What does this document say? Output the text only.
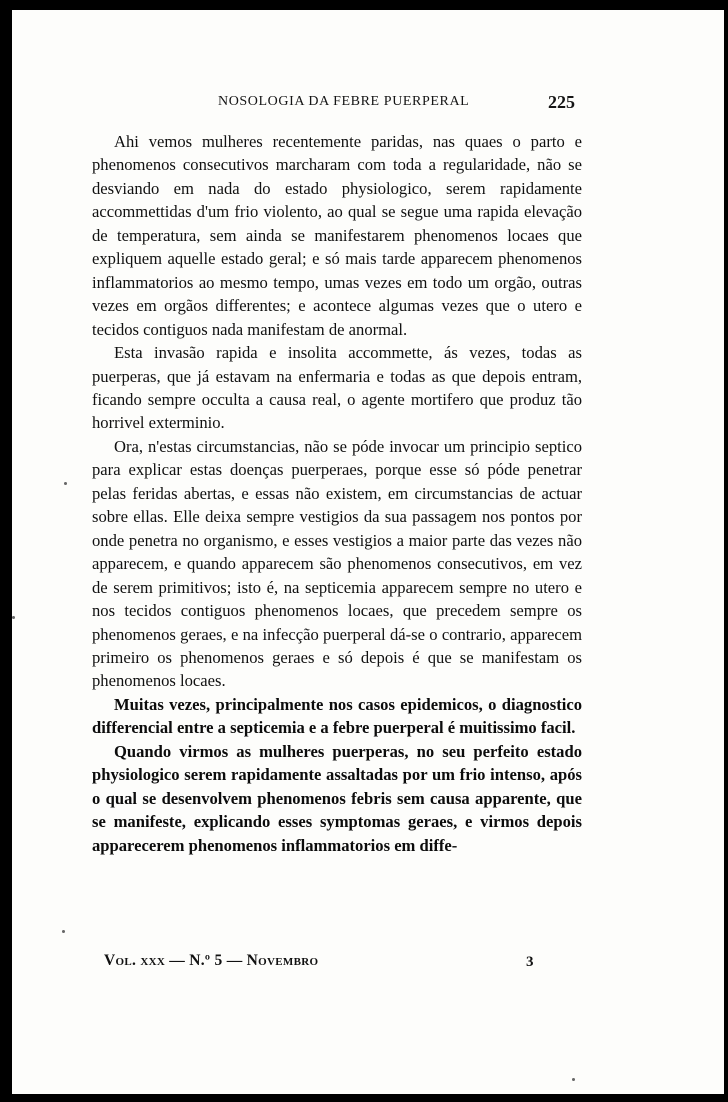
NOSOLOGIA DA FEBRE PUERPERAL	225

Ahi vemos mulheres recentemente paridas, nas quaes o parto e phenomenos consecutivos marcharam com toda a regularidade, não se desviando em nada do estado physiologico, serem rapidamente accommettidas d'um frio violento, ao qual se segue uma rapida elevação de temperatura, sem ainda se manifestarem phenomenos locaes que expliquem aquelle estado geral; e só mais tarde apparecem phenomenos inflammatorios ao mesmo tempo, umas vezes em todo um orgão, outras vezes em orgãos differentes; e acontece algumas vezes que o utero e tecidos contiguos nada manifestam de anormal.

Esta invasão rapida e insolita accommette, ás vezes, todas as puerperas, que já estavam na enfermaria e todas as que depois entram, ficando sempre occulta a causa real, o agente mortifero que produz tão horrivel exterminio.

Ora, n'estas circumstancias, não se póde invocar um principio septico para explicar estas doenças puerperaes, porque esse só póde penetrar pelas feridas abertas, e essas não existem, em circumstancias de actuar sobre ellas. Elle deixa sempre vestigios da sua passagem nos pontos por onde penetra no organismo, e esses vestigios a maior parte das vezes não apparecem, e quando apparecem são phenomenos consecutivos, em vez de serem primitivos; isto é, na septicemia apparecem sempre no utero e nos tecidos contiguos phenomenos locaes, que precedem sempre os phenomenos geraes, e na infecção puerperal dá-se o contrario, apparecem primeiro os phenomenos geraes e só depois é que se manifestam os phenomenos locaes.

Muitas vezes, principalmente nos casos epidemicos, o diagnostico differencial entre a septicemia e a febre puerperal é muitissimo facil.

Quando virmos as mulheres puerperas, no seu perfeito estado physiologico serem rapidamente assaltadas por um frio intenso, após o qual se desenvolvem phenomenos febris sem causa apparente, que se manifeste, explicando esses symptomas geraes, e virmos depois apparecerem phenomenos inflammatorios em diffe-

Vol. xxx — N.º 5 — Novembro	3
